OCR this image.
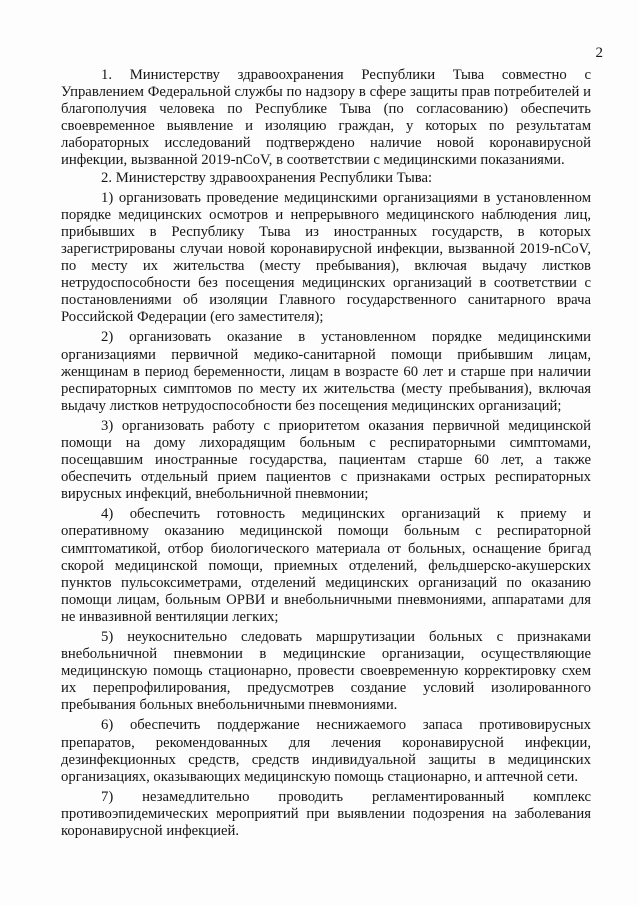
2

1. Министерству здравоохранения Республики Тыва совместно с Управлением Федеральной службы по надзору в сфере защиты прав потребителей и благополучия человека по Республике Тыва (по согласованию) обеспечить своевременное выявление и изоляцию граждан, у которых по результатам лабораторных исследований подтверждено наличие новой коронавирусной инфекции, вызванной 2019-nCoV, в соответствии с медицинскими показаниями.

2. Министерству здравоохранения Республики Тыва:

1) организовать проведение медицинскими организациями в установленном порядке медицинских осмотров и непрерывного медицинского наблюдения лиц, прибывших в Республику Тыва из иностранных государств, в которых зарегистрированы случаи новой коронавирусной инфекции, вызванной 2019-nCoV, по месту их жительства (месту пребывания), включая выдачу листков нетрудоспособности без посещения медицинских организаций в соответствии с постановлениями об изоляции Главного государственного санитарного врача Российской Федерации (его заместителя);

2) организовать оказание в установленном порядке медицинскими организациями первичной медико-санитарной помощи прибывшим лицам, женщинам в период беременности, лицам в возрасте 60 лет и старше при наличии респираторных симптомов по месту их жительства (месту пребывания), включая выдачу листков нетрудоспособности без посещения медицинских организаций;

3) организовать работу с приоритетом оказания первичной медицинской помощи на дому лихорадящим больным с респираторными симптомами, посещавшим иностранные государства, пациентам старше 60 лет, а также обеспечить отдельный прием пациентов с признаками острых респираторных вирусных инфекций, внебольничной пневмонии;

4) обеспечить готовность медицинских организаций к приему и оперативному оказанию медицинской помощи больным с респираторной симптоматикой, отбор биологического материала от больных, оснащение бригад скорой медицинской помощи, приемных отделений, фельдшерско-акушерских пунктов пульсоксиметрами, отделений медицинских организаций по оказанию помощи лицам, больным ОРВИ и внебольничными пневмониями, аппаратами для не инвазивной вентиляции легких;

5) неукоснительно следовать маршрутизации больных с признаками внебольничной пневмонии в медицинские организации, осуществляющие медицинскую помощь стационарно, провести своевременную корректировку схем их перепрофилирования, предусмотрев создание условий изолированного пребывания больных внебольничными пневмониями.

6) обеспечить поддержание неснижаемого запаса противовирусных препаратов, рекомендованных для лечения коронавирусной инфекции, дезинфекционных средств, средств индивидуальной защиты в медицинских организациях, оказывающих медицинскую помощь стационарно, и аптечной сети.

7) незамедлительно проводить регламентированный комплекс противоэпидемических мероприятий при выявлении подозрения на заболевания коронавирусной инфекцией.
